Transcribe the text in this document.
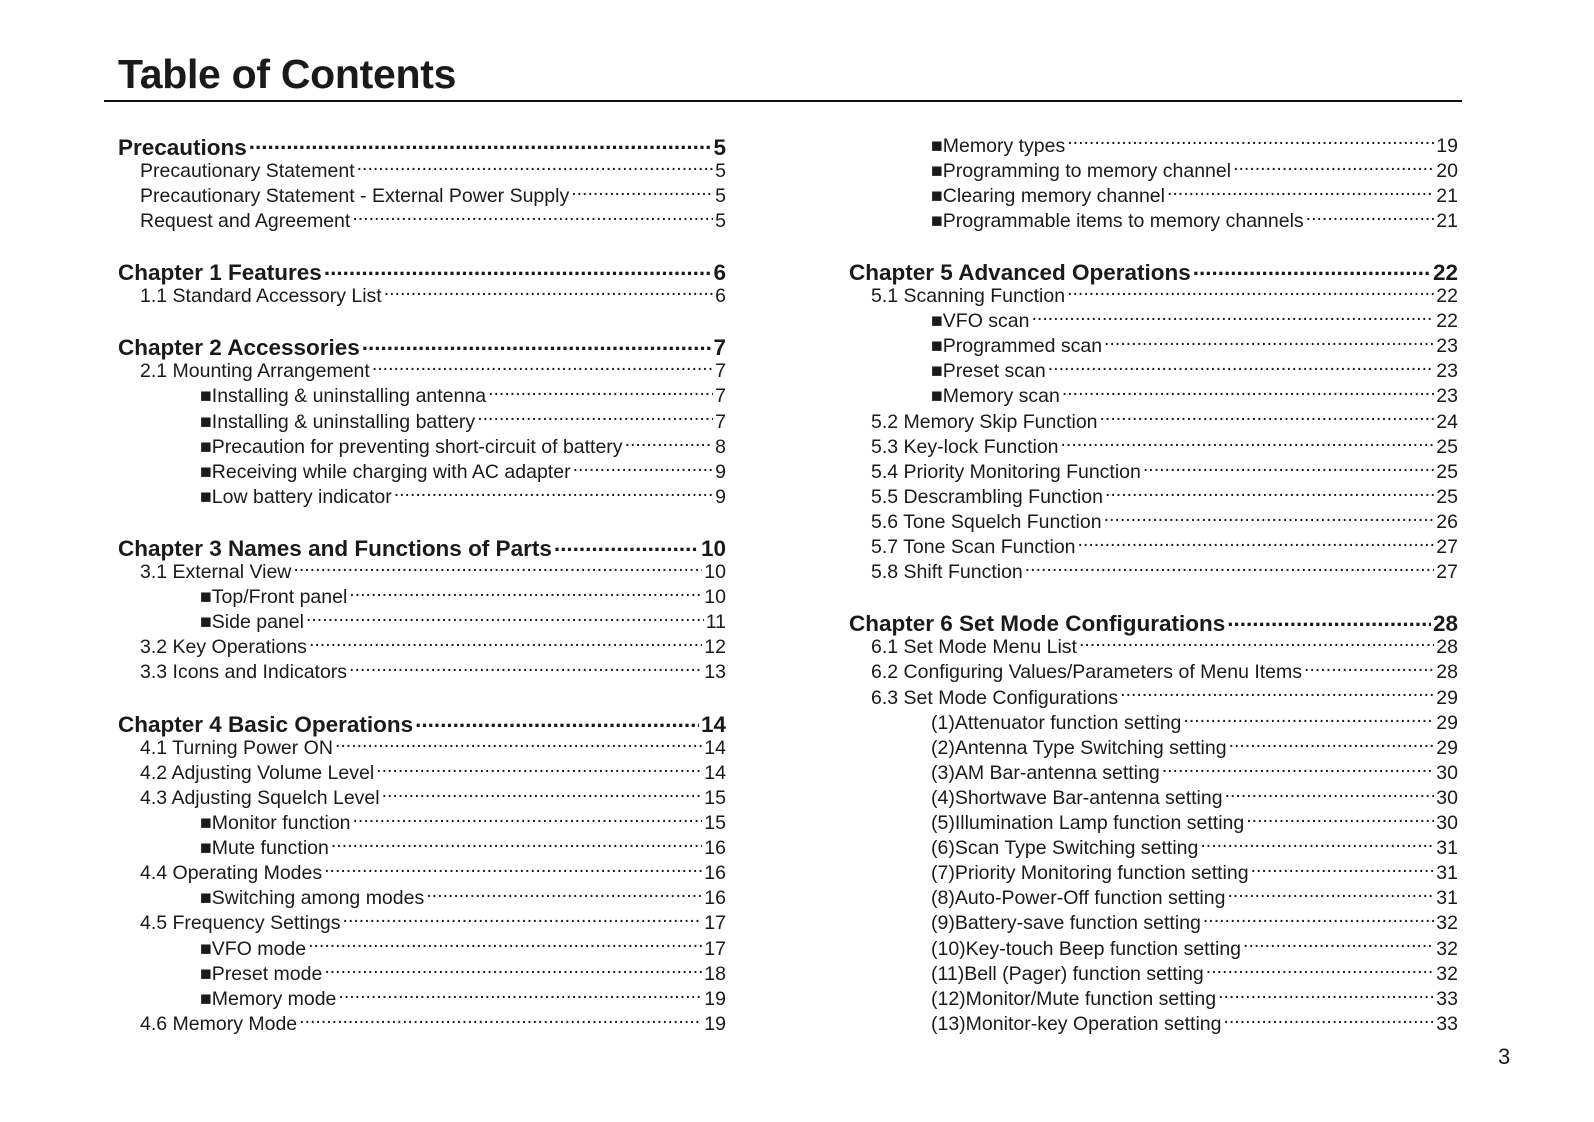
Table of Contents
Precautions .....	5
Precautionary Statement .....	5
Precautionary Statement - External Power Supply .....	5
Request and Agreement .....	5
Chapter 1 Features .....	6
1.1 Standard Accessory List .....	6
Chapter 2 Accessories .....	7
2.1 Mounting Arrangement .....	7
■Installing & uninstalling antenna .....	7
■Installing & uninstalling battery .....	7
■Precaution for preventing short-circuit of battery .....	8
■Receiving while charging with AC adapter .....	9
■Low battery indicator .....	9
Chapter 3 Names and Functions of Parts .....	10
3.1 External View .....	10
■Top/Front panel .....	10
■Side panel .....	11
3.2 Key Operations .....	12
3.3 Icons and Indicators .....	13
Chapter 4 Basic Operations .....	14
4.1 Turning Power ON .....	14
4.2 Adjusting Volume Level .....	14
4.3 Adjusting Squelch Level .....	15
■Monitor function .....	15
■Mute function .....	16
4.4 Operating Modes .....	16
■Switching among modes .....	16
4.5 Frequency Settings .....	17
■VFO mode .....	17
■Preset mode .....	18
■Memory mode .....	19
4.6 Memory Mode .....	19
■Memory types .....	19
■Programming to memory channel .....	20
■Clearing memory channel .....	21
■Programmable items to memory channels .....	21
Chapter 5 Advanced Operations .....	22
5.1 Scanning Function .....	22
■VFO scan .....	22
■Programmed scan .....	23
■Preset scan .....	23
■Memory scan .....	23
5.2 Memory Skip Function .....	24
5.3 Key-lock Function .....	25
5.4 Priority Monitoring Function .....	25
5.5 Descrambling Function .....	25
5.6 Tone Squelch Function .....	26
5.7 Tone Scan Function .....	27
5.8 Shift Function .....	27
Chapter 6 Set Mode Configurations .....	28
6.1 Set Mode Menu List .....	28
6.2 Configuring Values/Parameters of Menu Items .....	28
6.3 Set Mode Configurations .....	29
(1)Attenuator function setting .....	29
(2)Antenna Type Switching setting .....	29
(3)AM Bar-antenna setting .....	30
(4)Shortwave Bar-antenna setting .....	30
(5)Illumination Lamp function setting .....	30
(6)Scan Type Switching setting .....	31
(7)Priority Monitoring function setting .....	31
(8)Auto-Power-Off function setting .....	31
(9)Battery-save function setting .....	32
(10)Key-touch Beep function setting .....	32
(11)Bell (Pager) function setting .....	32
(12)Monitor/Mute function setting .....	33
(13)Monitor-key Operation setting .....	33
3
